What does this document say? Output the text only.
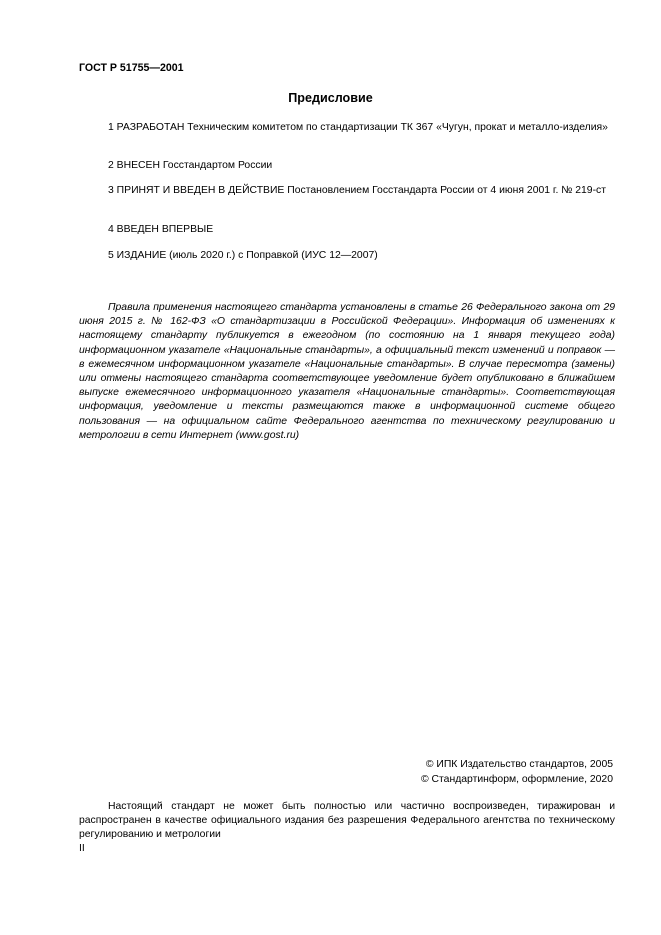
ГОСТ Р 51755—2001
Предисловие
1 РАЗРАБОТАН Техническим комитетом по стандартизации ТК 367 «Чугун, прокат и металло-изделия»
2 ВНЕСЕН Госстандартом России
3 ПРИНЯТ И ВВЕДЕН В ДЕЙСТВИЕ Постановлением Госстандарта России от 4 июня 2001 г. № 219-ст
4 ВВЕДЕН ВПЕРВЫЕ
5 ИЗДАНИЕ (июль 2020 г.) с Поправкой (ИУС 12—2007)
Правила применения настоящего стандарта установлены в статье 26 Федерального закона от 29 июня 2015 г. № 162-ФЗ «О стандартизации в Российской Федерации». Информация об изменениях к настоящему стандарту публикуется в ежегодном (по состоянию на 1 января текущего года) информационном указателе «Национальные стандарты», а официальный текст изменений и поправок — в ежемесячном информационном указателе «Национальные стандарты». В случае пересмотра (замены) или отмены настоящего стандарта соответствующее уведомление будет опубликовано в ближайшем выпуске ежемесячного информационного указателя «Национальные стандарты». Соответствующая информация, уведомление и тексты размещаются также в информационной системе общего пользования — на официальном сайте Федерального агентства по техническому регулированию и метрологии в сети Интернет (www.gost.ru)
© ИПК Издательство стандартов, 2005
© Стандартинформ, оформление, 2020
Настоящий стандарт не может быть полностью или частично воспроизведен, тиражирован и распространен в качестве официального издания без разрешения Федерального агентства по техническому регулированию и метрологии
II
